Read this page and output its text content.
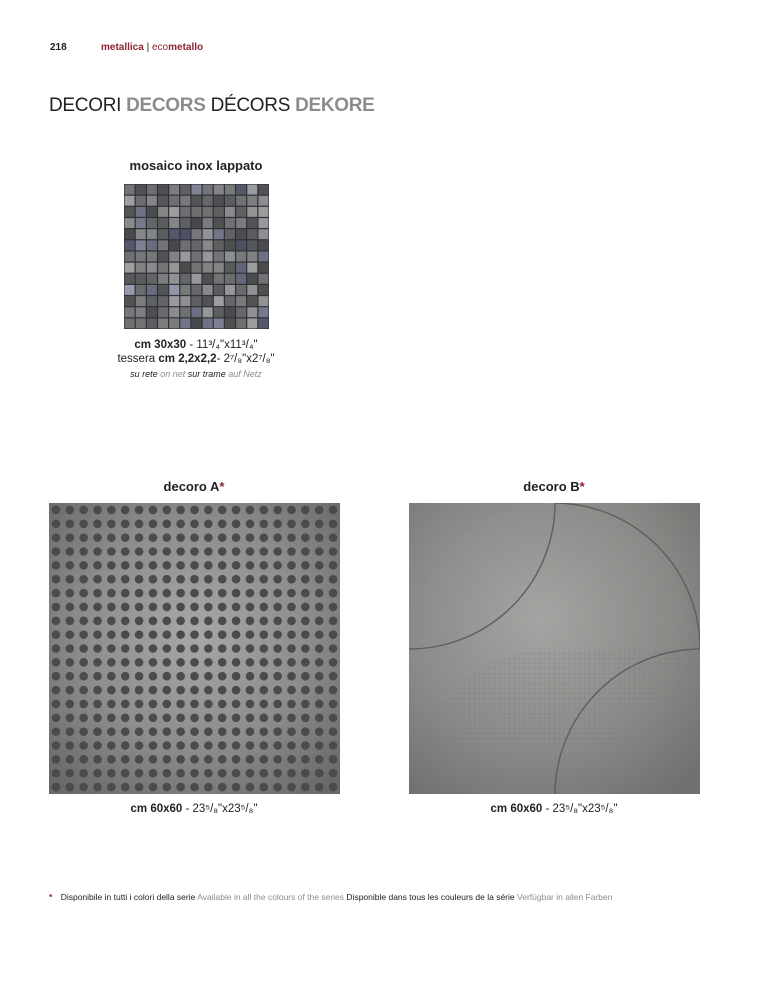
218	metallica | ecometallo
DECORI DECORS DÉCORS DEKORE
mosaico inox lappato
cm 30x30 - 11³/₄"x11³/₄"
tessera cm 2,2x2,2- 2⁷/₈"x2⁷/₈"
su rete on net sur trame auf Netz
decoro A*
cm 60x60 - 23⁵/₈"x23⁵/₈"
decoro B*
cm 60x60 - 23⁵/₈"x23⁵/₈"
* Disponibile in tutti i colori della serie Available in all the colours of the series Disponible dans tous les couleurs de la série Verfügbar in allen Farben
